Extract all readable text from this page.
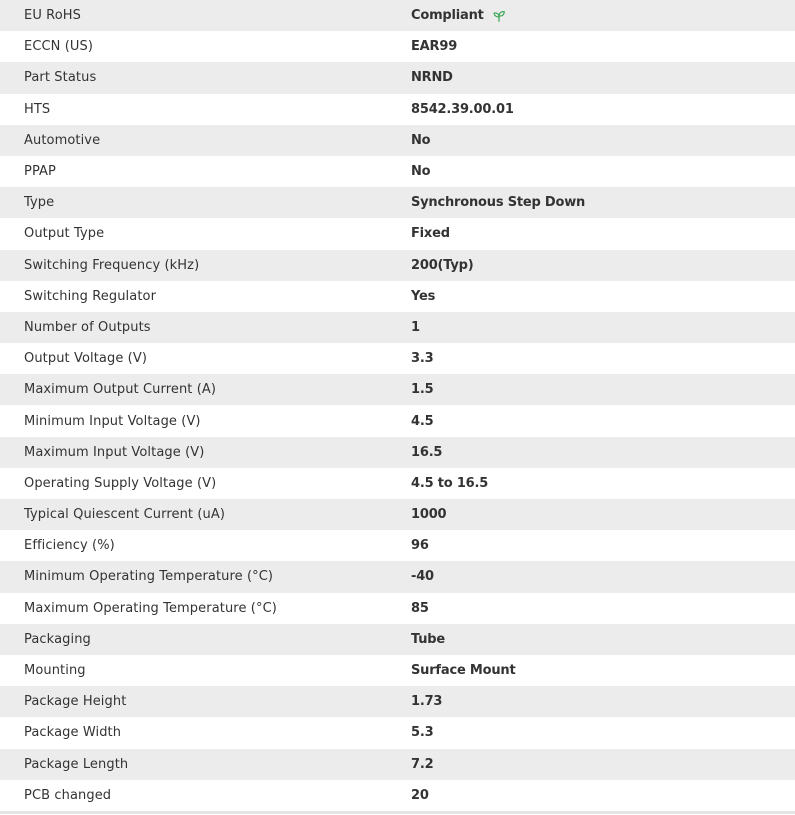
EU RoHS	Compliant
ECCN (US)	EAR99
Part Status	NRND
HTS	8542.39.00.01
Automotive	No
PPAP	No
Type	Synchronous Step Down
Output Type	Fixed
Switching Frequency (kHz)	200(Typ)
Switching Regulator	Yes
Number of Outputs	1
Output Voltage (V)	3.3
Maximum Output Current (A)	1.5
Minimum Input Voltage (V)	4.5
Maximum Input Voltage (V)	16.5
Operating Supply Voltage (V)	4.5 to 16.5
Typical Quiescent Current (uA)	1000
Efficiency (%)	96
Minimum Operating Temperature (°C)	-40
Maximum Operating Temperature (°C)	85
Packaging	Tube
Mounting	Surface Mount
Package Height	1.73
Package Width	5.3
Package Length	7.2
PCB changed	20
